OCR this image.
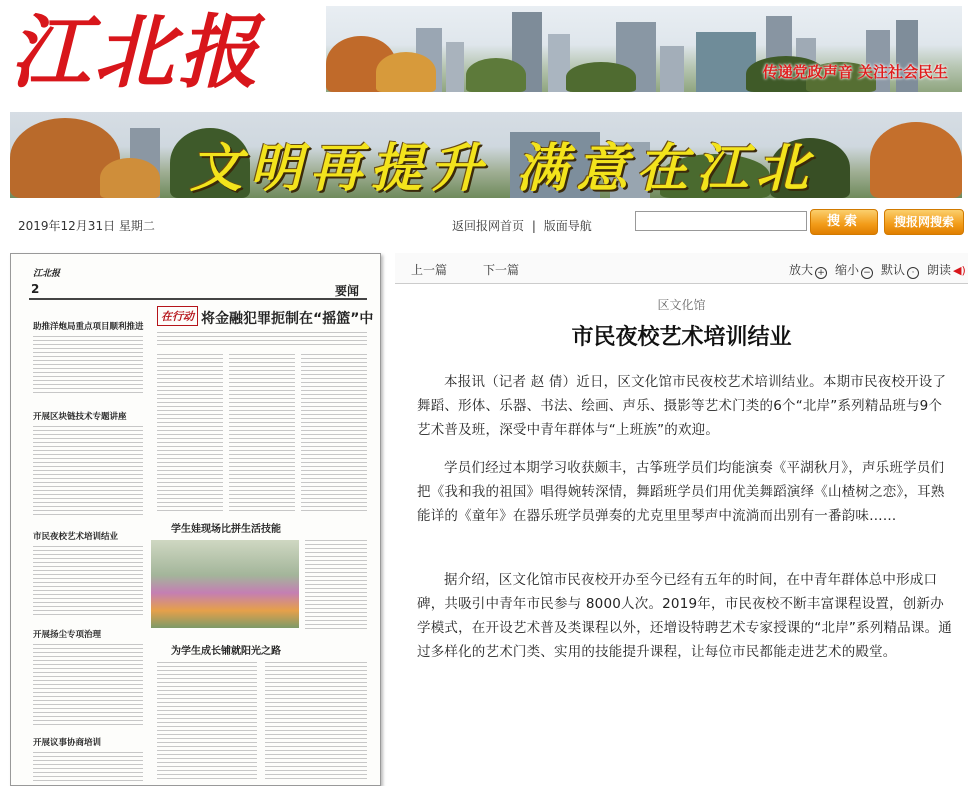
江北报	传递党政声音 关注社会民生
文明再提升 满意在江北
2019年12月31日 星期二	返回报网首页 | 版面导航	搜索	搜报网搜索
江北报
2	要闻
助推洋炮局重点项目顺利推进
开展区块链技术专题讲座
市民夜校艺术培训结业
开展扬尘专项治理
开展议事协商培训
在行动 将金融犯罪扼制在“摇篮”中
学生娃现场比拼生活技能
为学生成长铺就阳光之路
上一篇	下一篇	放大 + 缩小 − 默认 ·	朗读 ◀)
区文化馆
市民夜校艺术培训结业
本报讯（记者 赵 倩）近日，区文化馆市民夜校艺术培训结业。本期市民夜校开设了舞蹈、形体、乐器、书法、绘画、声乐、摄影等艺术门类的6个“北岸”系列精品班与9个艺术普及班，深受中青年群体与“上班族”的欢迎。
学员们经过本期学习收获颇丰，古筝班学员们均能演奏《平湖秋月》，声乐班学员们把《我和我的祖国》唱得婉转深情，舞蹈班学员们用优美舞蹈演绎《山楂树之恋》，耳熟能详的《童年》在器乐班学员弹奏的尤克里里琴声中流淌而出别有一番韵味……
据介绍，区文化馆市民夜校开办至今已经有五年的时间，在中青年群体总中形成口碑，共吸引中青年市民参与 8000人次。2019年，市民夜校不断丰富课程设置，创新办学模式，在开设艺术普及类课程以外，还增设特聘艺术专家授课的“北岸”系列精品课。通过多样化的艺术门类、实用的技能提升课程，让每位市民都能走进艺术的殿堂。
